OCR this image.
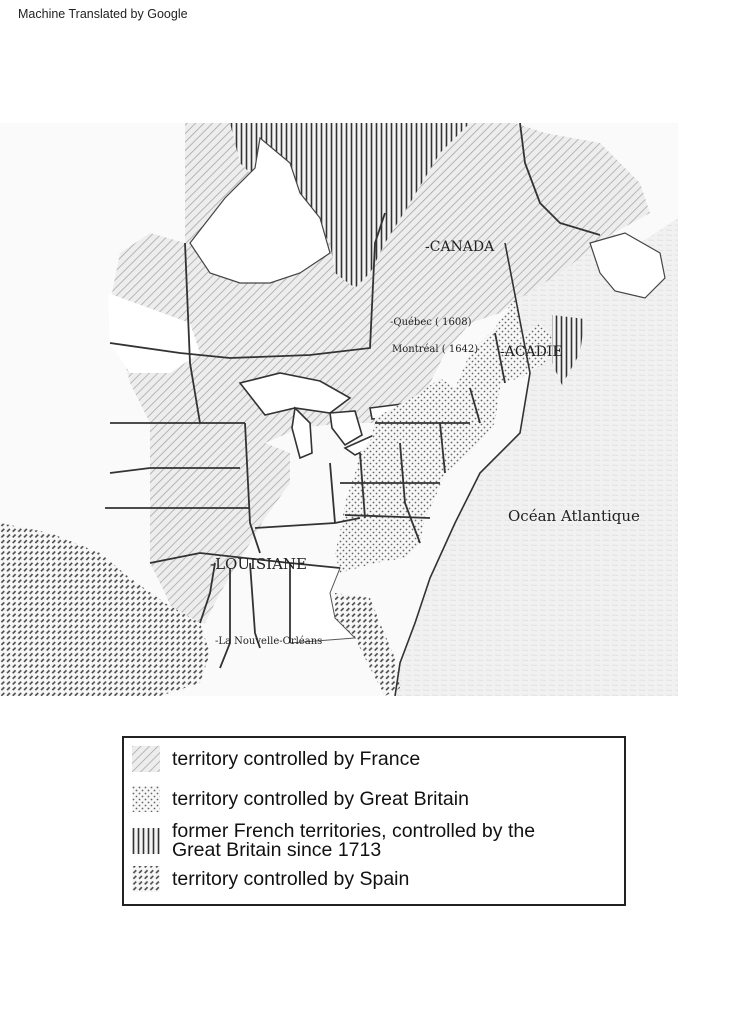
Machine Translated by Google
-CANADA
-Québec ( 1608)
Montréal ( 1642) -ACADIE
-LOUISIANE
-La Nouvelle-Orléans
Océan Atlantique
territory controlled by France
territory controlled by Great Britain
former French territories, controlled by the
Great Britain since 1713
territory controlled by Spain
